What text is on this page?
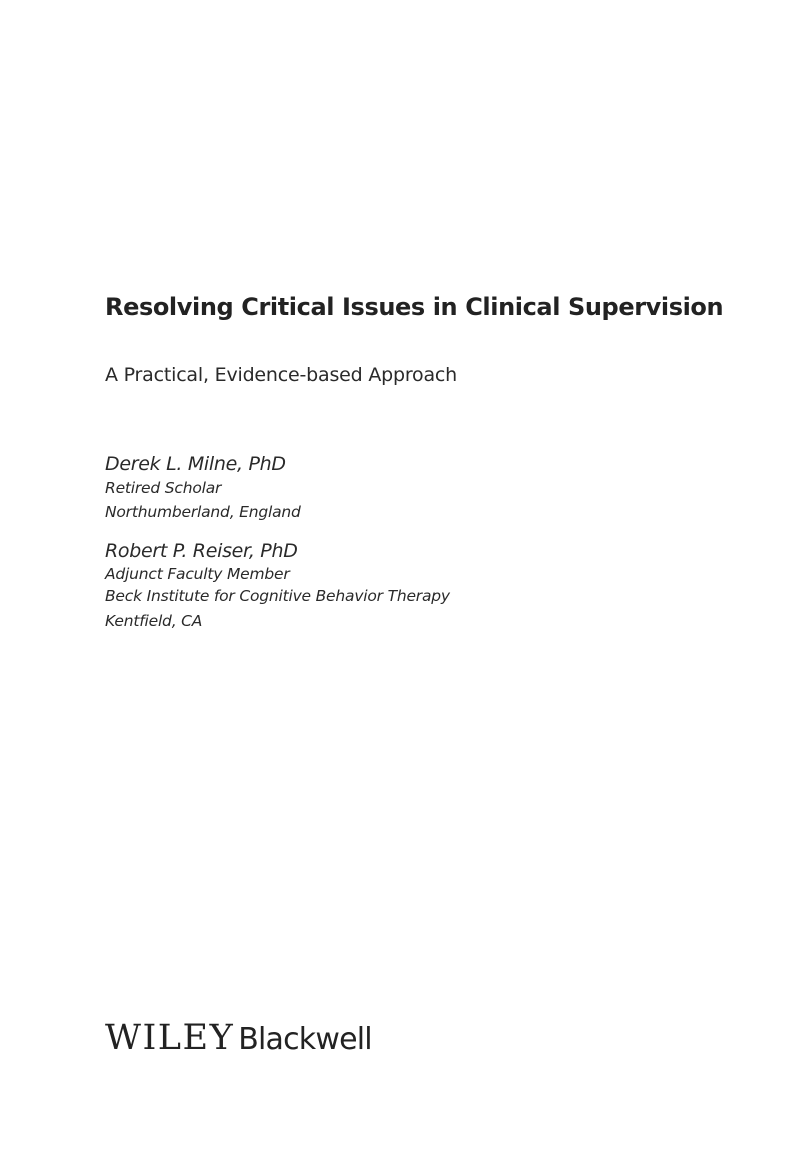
Resolving Critical Issues in Clinical Supervision

A Practical, Evidence-based Approach

Derek L. Milne, PhD
Retired Scholar
Northumberland, England
Robert P. Reiser, PhD
Adjunct Faculty Member
Beck Institute for Cognitive Behavior Therapy
Kentfield, CA
WILEY Blackwell
